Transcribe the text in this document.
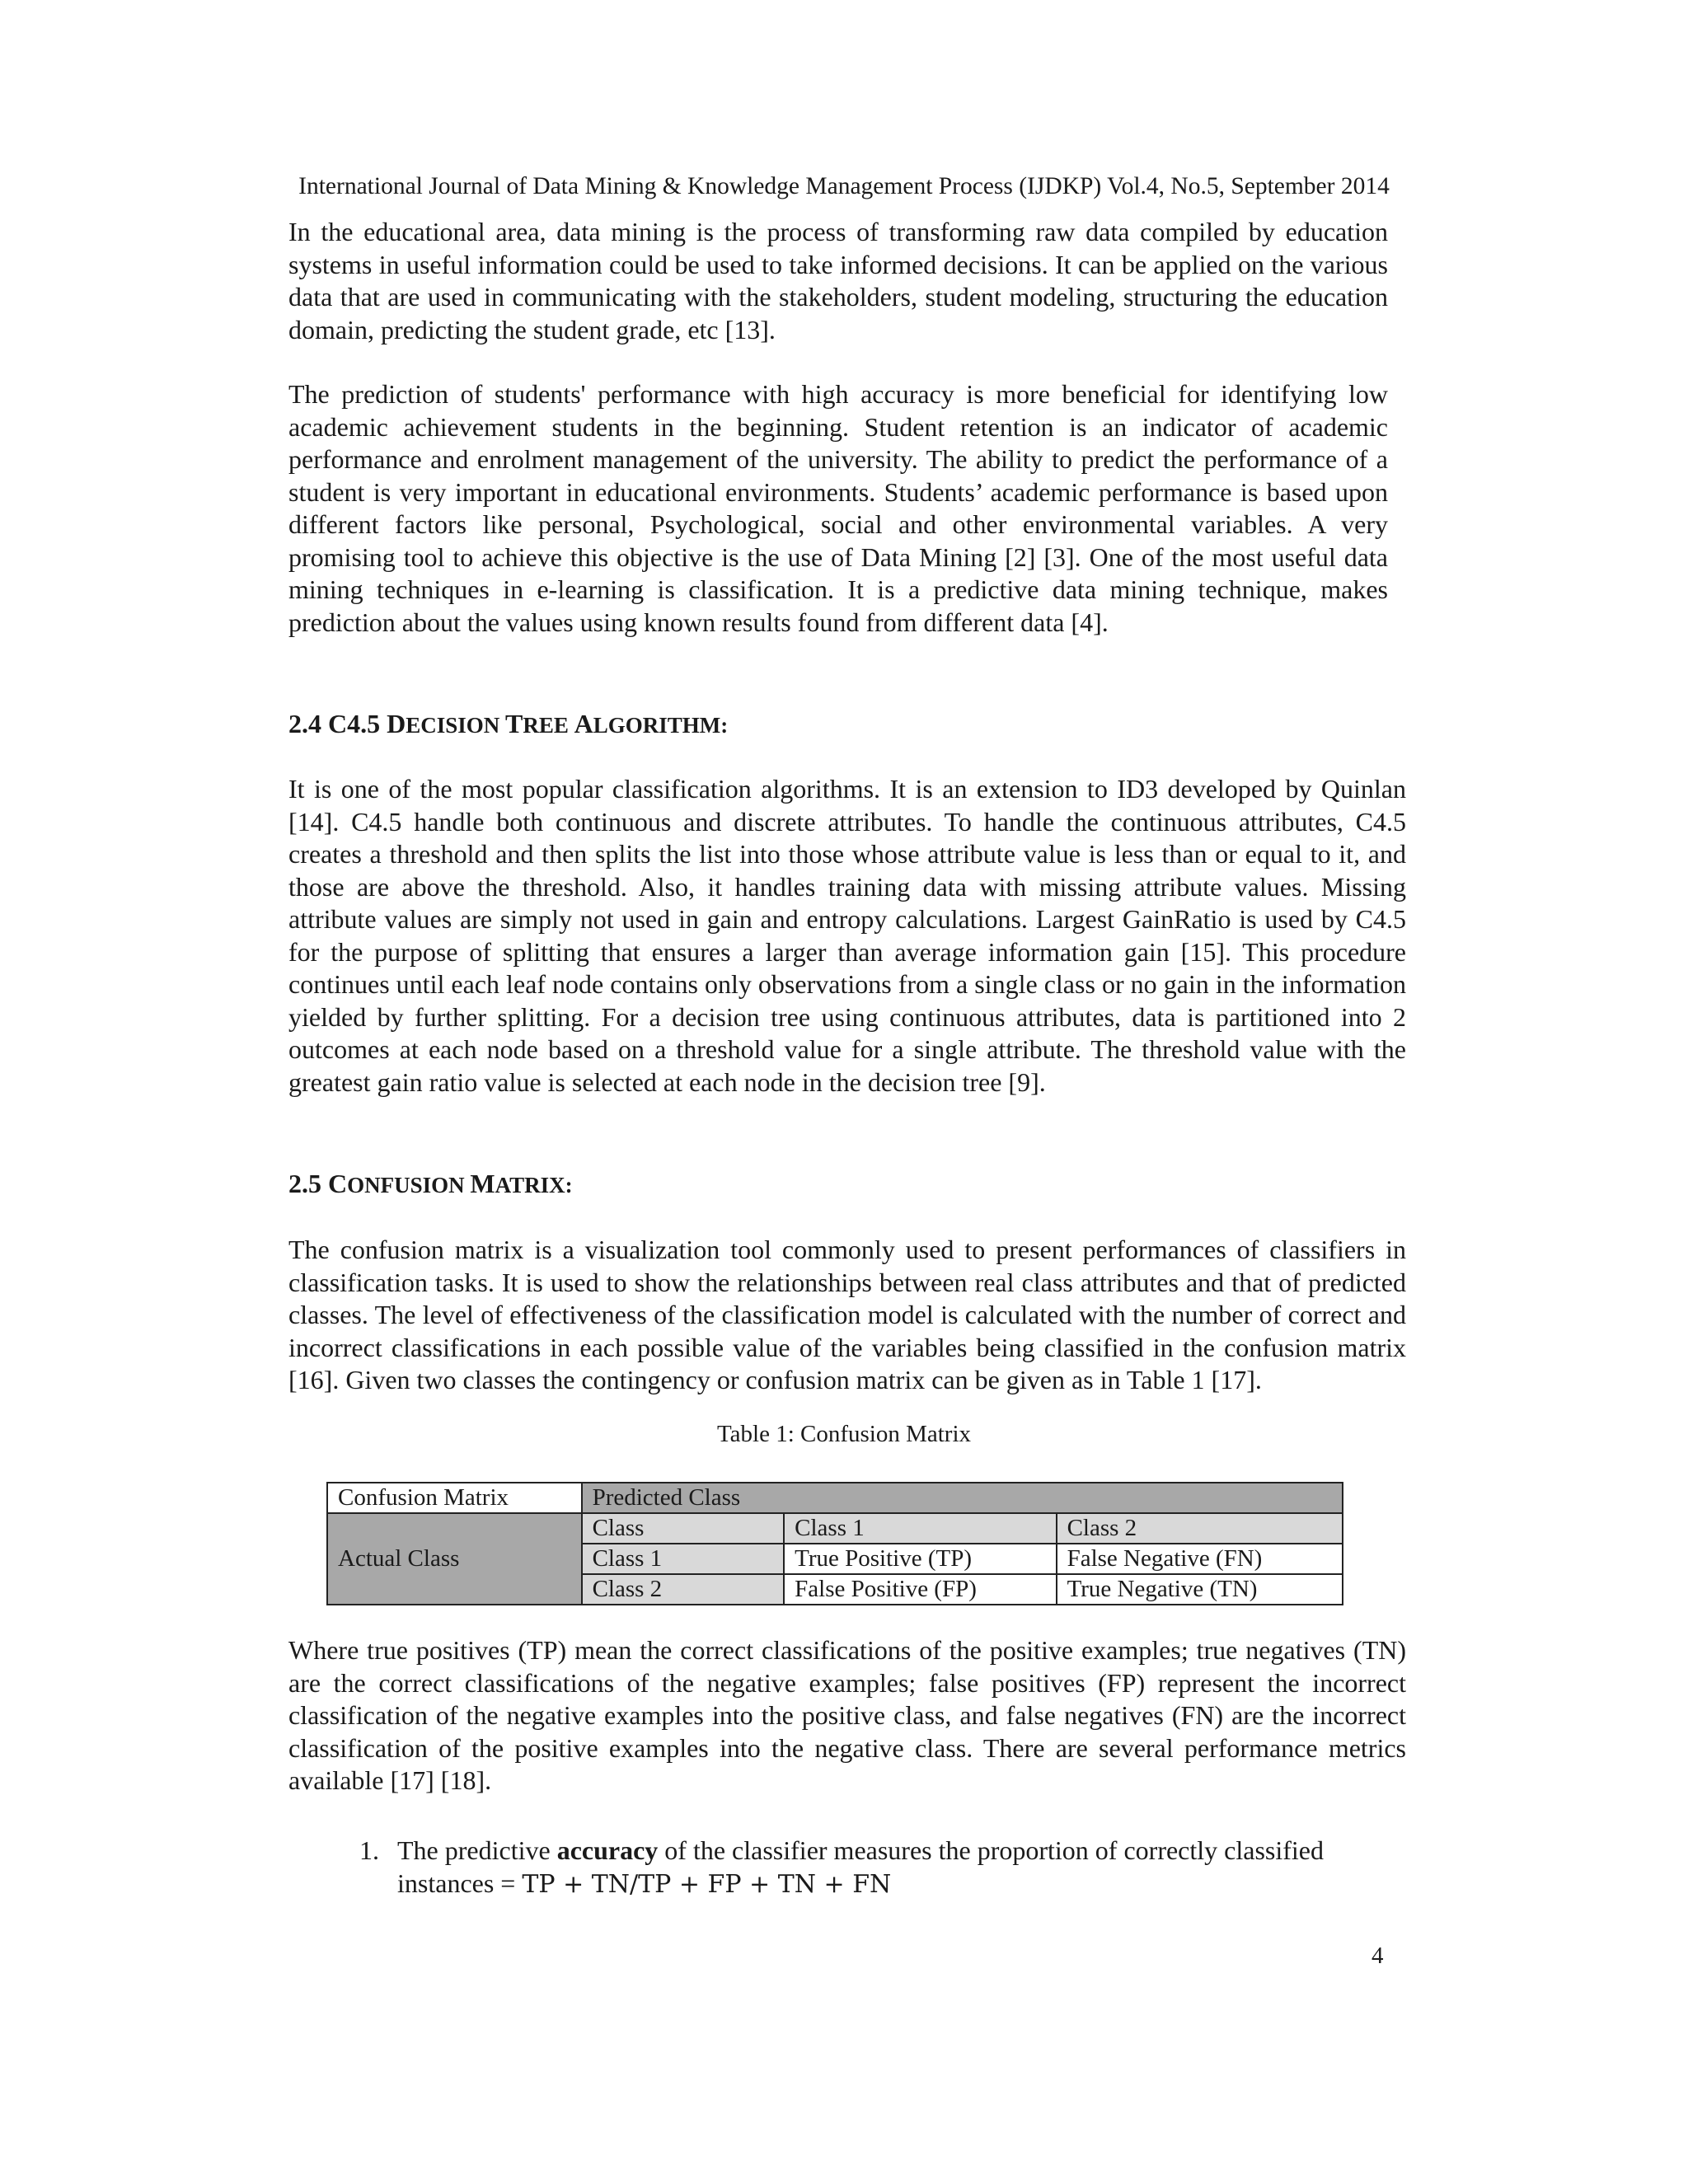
International Journal of Data Mining & Knowledge Management Process (IJDKP) Vol.4, No.5, September 2014

In the educational area, data mining is the process of transforming raw data compiled by education systems in useful information could be used to take informed decisions. It can be applied on the various data that are used in communicating with the stakeholders, student modeling, structuring the education domain, predicting the student grade, etc [13].

The prediction of students' performance with high accuracy is more beneficial for identifying low academic achievement students in the beginning. Student retention is an indicator of academic performance and enrolment management of the university. The ability to predict the performance of a student is very important in educational environments. Students’ academic performance is based upon different factors like personal, Psychological, social and other environmental variables. A very promising tool to achieve this objective is the use of Data Mining [2] [3]. One of the most useful data mining techniques in e-learning is classification. It is a predictive data mining technique, makes prediction about the values using known results found from different data [4].

2.4 C4.5 DECISION TREE ALGORITHM:

It is one of the most popular classification algorithms. It is an extension to ID3 developed by Quinlan [14]. C4.5 handle both continuous and discrete attributes. To handle the continuous attributes, C4.5 creates a threshold and then splits the list into those whose attribute value is less than or equal to it, and those are above the threshold. Also, it handles training data with missing attribute values. Missing attribute values are simply not used in gain and entropy calculations. Largest GainRatio is used by C4.5 for the purpose of splitting that ensures a larger than average information gain [15]. This procedure continues until each leaf node contains only observations from a single class or no gain in the information yielded by further splitting. For a decision tree using continuous attributes, data is partitioned into 2 outcomes at each node based on a threshold value for a single attribute. The threshold value with the greatest gain ratio value is selected at each node in the decision tree [9].

2.5 CONFUSION MATRIX:

The confusion matrix is a visualization tool commonly used to present performances of classifiers in classification tasks. It is used to show the relationships between real class attributes and that of predicted classes. The level of effectiveness of the classification model is calculated with the number of correct and incorrect classifications in each possible value of the variables being classified in the confusion matrix [16]. Given two classes the contingency or confusion matrix can be given as in Table 1 [17].

Table 1: Confusion Matrix
Confusion Matrix	Predicted Class		
Actual Class	Class	Class 1	Class 2
	Class 1	True Positive (TP)	False Negative (FN)
	Class 2	False Positive (FP)	True Negative (TN)

Where true positives (TP) mean the correct classifications of the positive examples; true negatives (TN) are the correct classifications of the negative examples; false positives (FP) represent the incorrect classification of the negative examples into the positive class, and false negatives (FN) are the incorrect classification of the positive examples into the negative class. There are several performance metrics available [17] [18].

1. The predictive accuracy of the classifier measures the proportion of correctly classified
instances = TP + TN/TP + FP + TN + FN

4
